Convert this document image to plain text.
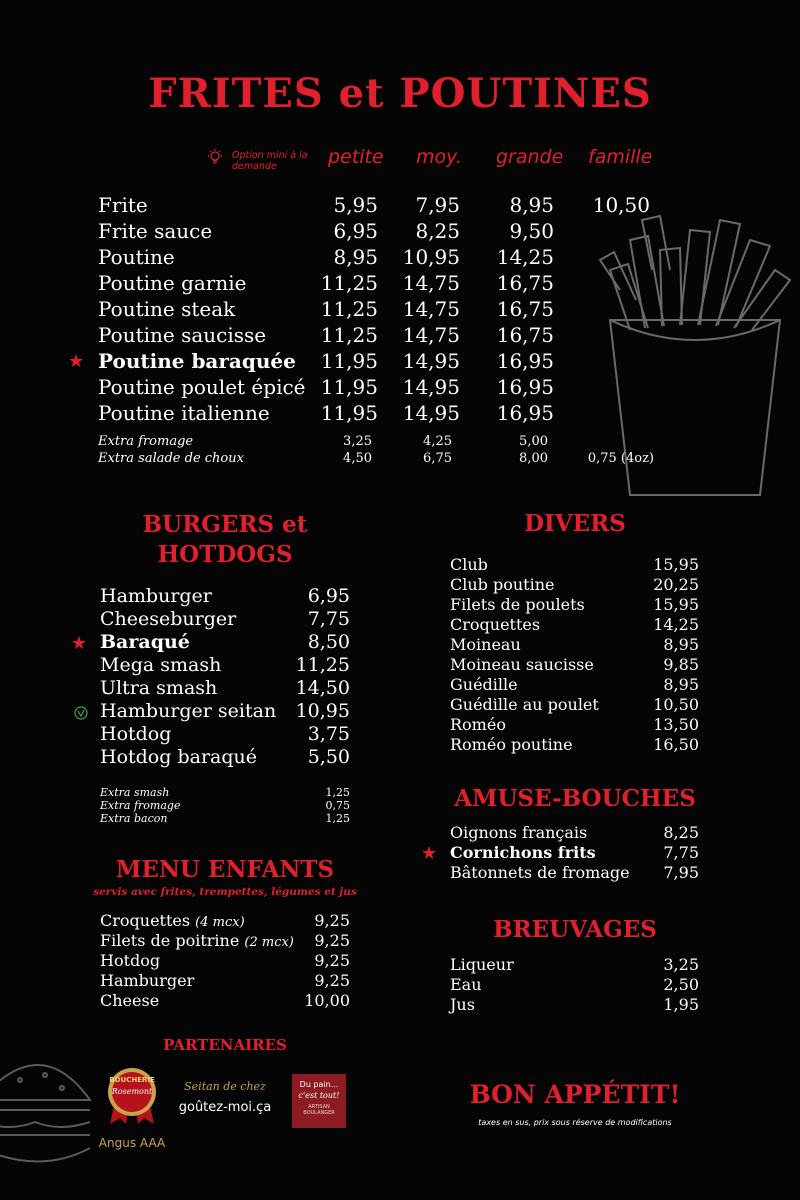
FRITES et POUTINES
Option mini à la demande	petite moy. grande famille
Frite	5,95	7,95	8,95	10,50
Frite sauce	6,95	8,25	9,50
Poutine	8,95 10,95	14,25
Poutine garnie	11,25 14,75	16,75
Poutine steak	11,25 14,75	16,75
Poutine saucisse	11,25 14,75	16,75
★ Poutine baraquée 11,95 14,95	16,95
Poutine poulet épicé 11,95 14,95	16,95
Poutine italienne	11,95 14,95	16,95
Extra fromage	3,25	4,25	5,00
Extra salade de choux	4,50	6,75	8,00	0,75 (4oz)
BURGERS et
HOTDOGS
Hamburger	6,95
Cheeseburger	7,75
★ Baraqué	8,50
Mega smash	11,25
Ultra smash	14,50
Hamburger seitan 10,95
Hotdog	3,75
Hotdog baraqué	5,50
Extra smash	1,25
Extra fromage	0,75
Extra bacon	1,25
MENU ENFANTS
servis avec frites, trempettes, légumes et jus
Croquettes (4 mcx)	9,25
Filets de poitrine (2 mcx) 9,25
Hotdog	9,25
Hamburger	9,25
Cheese	10,00
DIVERS
Club	15,95
Club poutine	20,25
Filets de poulets	15,95
Croquettes	14,25
Moineau	8,95
Moineau saucisse	9,85
Guédille	8,95
Guédille au poulet	10,50
Roméo	13,50
Roméo poutine	16,50
AMUSE-BOUCHES
Oignons français	8,25
★ Cornichons frits	7,75
Bâtonnets de fromage 7,95
BREUVAGES
Liqueur	3,25
Eau	2,50
Jus	1,95
PARTENAIRES
BOUCHERIE
Rosemont
Angus AAA
Seitan de chez
goûtez-moi.ça
Du pain...
c'est tout!
ARTISAN BOULANGER
BON APPÉTIT!
taxes en sus, prix sous réserve de modifications
